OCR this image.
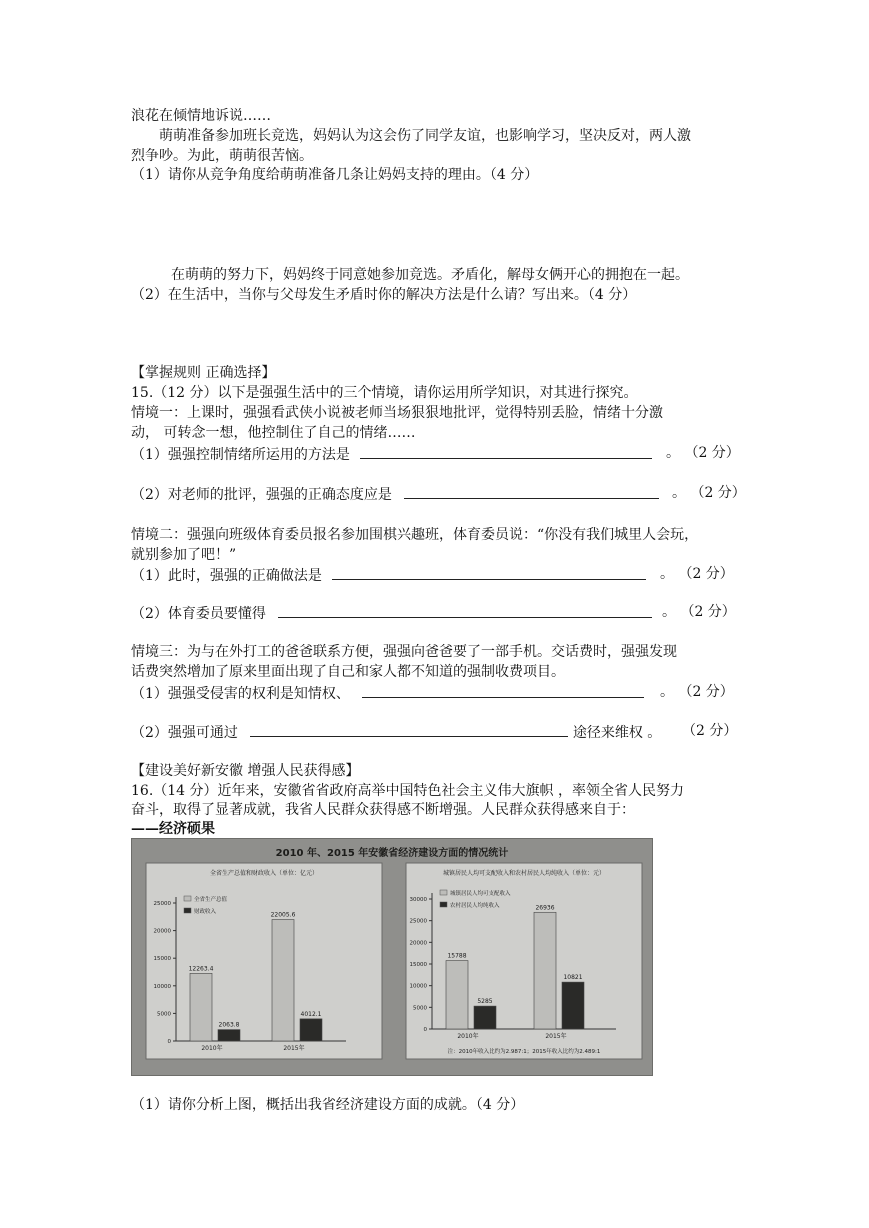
浪花在倾情地诉说……
萌萌准备参加班长竞选，妈妈认为这会伤了同学友谊，也影响学习，坚决反对，两人激
烈争吵。为此，萌萌很苦恼。
（1）请你从竞争角度给萌萌准备几条让妈妈支持的理由。（4 分）
在萌萌的努力下，妈妈终于同意她参加竞选。矛盾化，解母女俩开心的拥抱在一起。
（2）在生活中，当你与父母发生矛盾时你的解决方法是什么请？写出来。（4 分）
【掌握规则 正确选择】
15.（12 分）以下是强强生活中的三个情境，请你运用所学知识，对其进行探究。
情境一：上课时，强强看武侠小说被老师当场狠狠地批评，觉得特别丢脸，情绪十分激
动， 可转念一想，他控制住了自己的情绪……
（1）强强控制情绪所运用的方法是	。 （2 分）
（2）对老师的批评，强强的正确态度应是	。 （2 分）
情境二：强强向班级体育委员报名参加围棋兴趣班，体育委员说：“你没有我们城里人会玩，
就别参加了吧！”
（1）此时，强强的正确做法是	。 （2 分）
（2）体育委员要懂得	。 （2 分）
情境三：为与在外打工的爸爸联系方便，强强向爸爸要了一部手机。交话费时，强强发现
话费突然增加了原来里面出现了自己和家人都不知道的强制收费项目。
（1）强强受侵害的权利是知情权、	。 （2 分）
（2）强强可通过	途径来维权 。 （2 分）
【建设美好新安徽 增强人民获得感】
16.（14 分）近年来，安徽省省政府高举中国特色社会主义伟大旗帜 ，率领全省人民努力
奋斗，取得了显著成就，我省人民群众获得感不断增强。人民群众获得感来自于：
——经济硕果
2010 年、2015 年安徽省经济建设方面的情况统计
全省生产总值和财政收入（单位：亿元）
0
5000
10000
15000
20000
25000
全省生产总值
财政收入
12263.4
2063.8
2010年
22005.6
4012.1
2015年
城镇居民人均可支配收入和农村居民人均纯收入（单位：元）
0
5000
10000
15000
20000
25000
30000
城镇居民人均可支配收入
农村居民人均纯收入
15788
5285
2010年
26936
10821
2015年
注：2010年收入比约为2.987:1；2015年收入比约为2.489:1
（1）请你分析上图，概括出我省经济建设方面的成就。（4 分）
